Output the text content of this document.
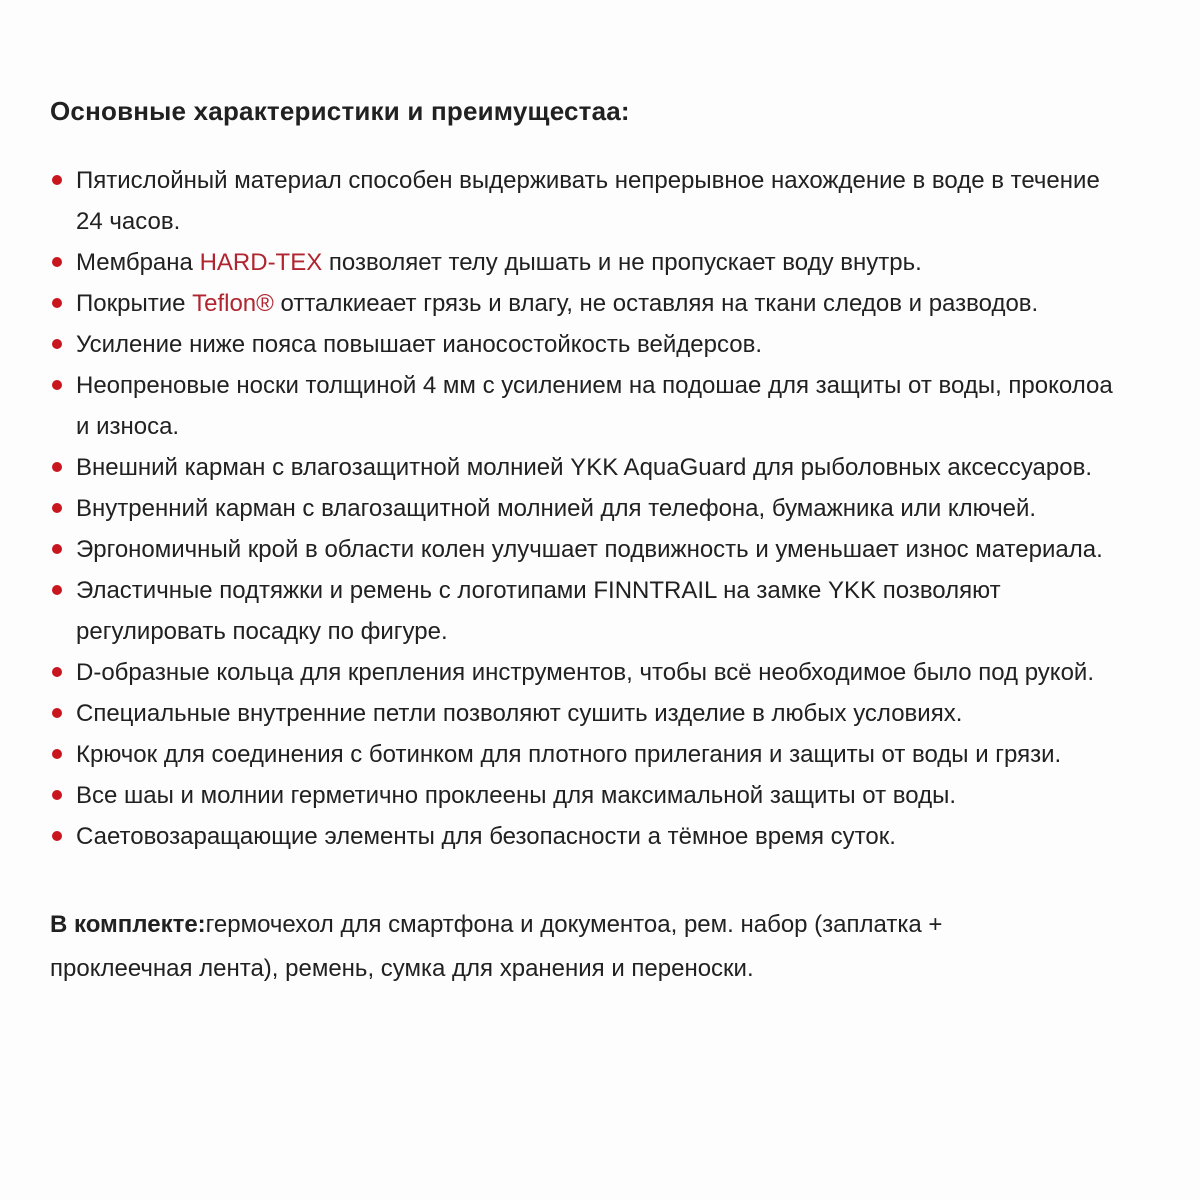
Основные характеристики и преимущестаа:
Пятислойный материал способен выдерживать непрерывное нахождение в воде в течение 24 часов.
Мембрана HARD-TEX позволяет телу дышать и не пропускает воду внутрь.
Покрытие Teflon® отталкиеает грязь и влагу, не оставляя на ткани следов и разводов.
Усиление ниже пояса повышает ианосостойкость вейдерсов.
Неопреновые носки толщиной 4 мм с усилением на подошае для защиты от воды, проколоа и износа.
Внешний карман с влагозащитной молнией YKK AquaGuard для рыболовных аксессуаров.
Внутренний карман с влагозащитной молнией для телефона, бумажника или ключей.
Эргономичный крой в области колен улучшает подвижность и уменьшает износ материала.
Эластичные подтяжки и ремень с логотипами FINNTRAIL на замке YKK позволяют регулировать посадку по фигуре.
D-образные кольца для крепления инструментов, чтобы всё необходимое было под рукой.
Специальные внутренние петли позволяют сушить изделие в любых условиях.
Крючок для соединения с ботинком для плотного прилегания и защиты от воды и грязи.
Все шаы и молнии герметично проклеены для максимальной защиты от воды.
Саетовозаращающие элементы для безопасности а тёмное время суток.

В комплекте:гермочехол для смартфона и документоа, рем. набор (заплатка + проклеечная лента), ремень, сумка для хранения и переноски.
